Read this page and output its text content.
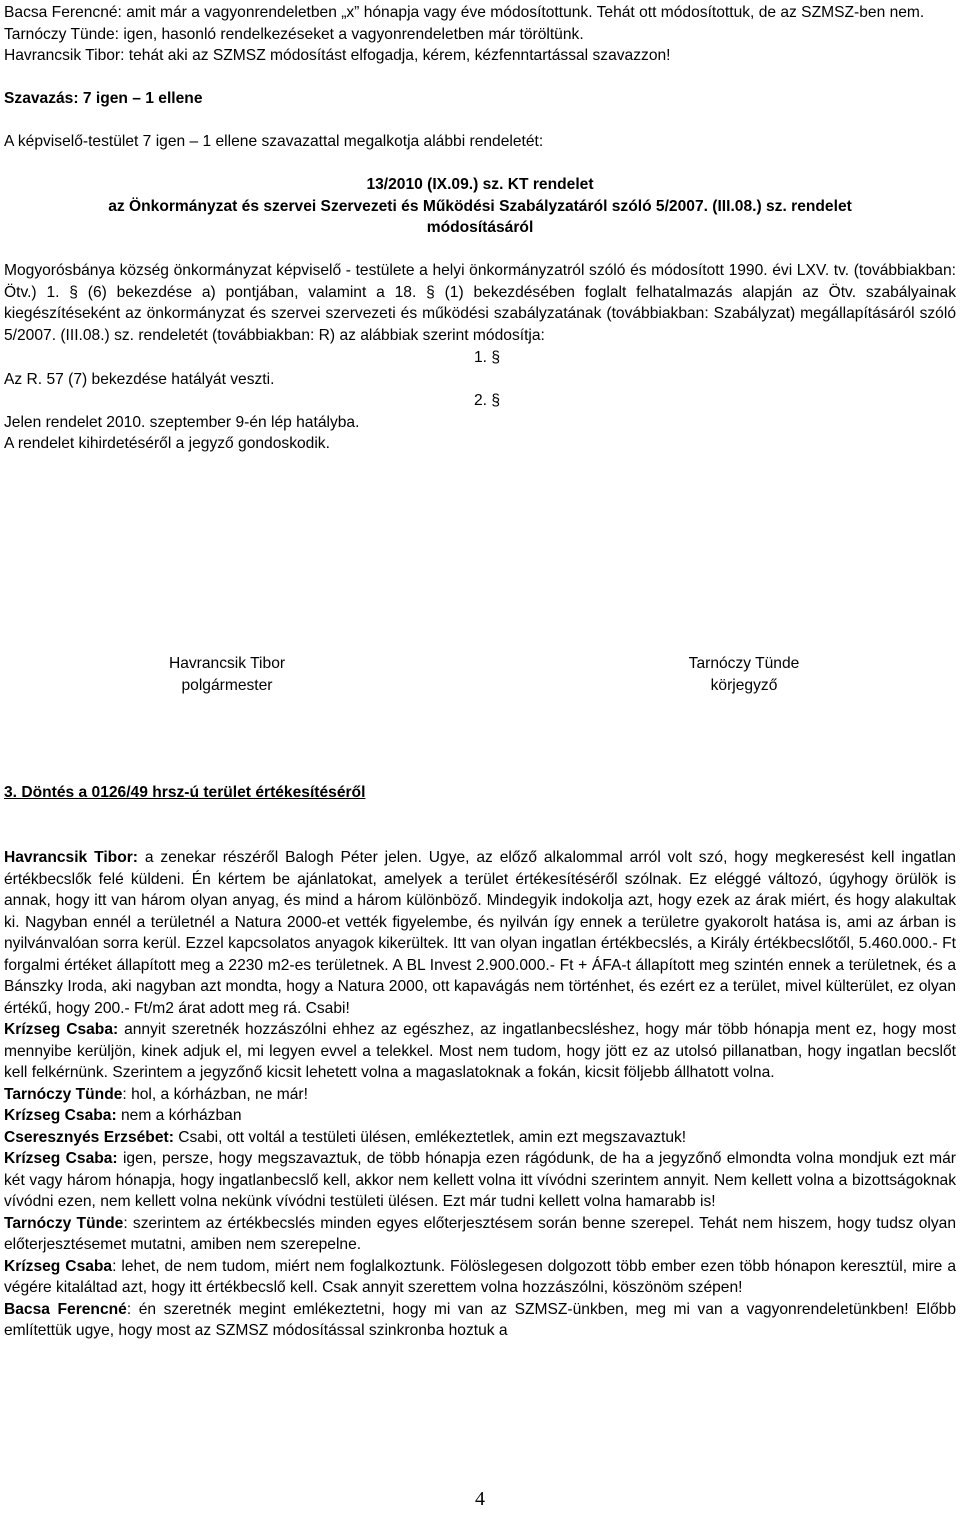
Bacsa Ferencné: amit már a vagyonrendeletben „x” hónapja vagy éve módosítottunk. Tehát ott módosítottuk, de az SZMSZ-ben nem.

Tarnóczy Tünde: igen, hasonló rendelkezéseket a vagyonrendeletben már töröltünk.

Havrancsik Tibor: tehát aki az SZMSZ módosítást elfogadja, kérem, kézfenntartással szavazzon!

Szavazás: 7 igen – 1 ellene

A képviselő-testület 7 igen – 1 ellene szavazattal megalkotja alábbi rendeletét:

13/2010 (IX.09.) sz. KT rendelet

az Önkormányzat és szervei Szervezeti és Működési Szabályzatáról szóló 5/2007. (III.08.) sz. rendelet

módosításáról

Mogyorósbánya község önkormányzat képviselő - testülete a helyi önkormányzatról szóló és módosított 1990. évi LXV. tv. (továbbiakban: Ötv.) 1. § (6) bekezdése a) pontjában, valamint a 18. § (1) bekezdésében foglalt felhatalmazás alapján az Ötv. szabályainak kiegészítéseként az önkormányzat és szervei szervezeti és működési szabályzatának (továbbiakban: Szabályzat) megállapításáról szóló 5/2007. (III.08.) sz. rendeletét (továbbiakban: R) az alábbiak szerint módosítja:

1. §
Az R. 57 (7) bekezdése hatályát veszti.
2. §
Jelen rendelet 2010. szeptember 9-én lép hatályba.
A rendelet kihirdetéséről a jegyző gondoskodik.
Havrancsik Tibor
polgármester
Tarnóczy Tünde
körjegyző

3. Döntés a 0126/49 hrsz-ú terület értékesítéséről

Havrancsik Tibor: a zenekar részéről Balogh Péter jelen. Ugye, az előző alkalommal arról volt szó, hogy megkeresést kell ingatlan értékbecslők felé küldeni. Én kértem be ajánlatokat, amelyek a terület értékesítéséről szólnak. Ez eléggé változó, úgyhogy örülök is annak, hogy itt van három olyan anyag, és mind a három különböző. Mindegyik indokolja azt, hogy ezek az árak miért, és hogy alakultak ki. Nagyban ennél a területnél a Natura 2000-et vették figyelembe, és nyilván így ennek a területre gyakorolt hatása is, ami az árban is nyilvánvalóan sorra kerül. Ezzel kapcsolatos anyagok kikerültek. Itt van olyan ingatlan értékbecslés, a Király értékbecslőtől, 5.460.000.- Ft forgalmi értéket állapított meg a 2230 m2-es területnek. A BL Invest 2.900.000.- Ft + ÁFA-t állapított meg szintén ennek a területnek, és a Bánszky Iroda, aki nagyban azt mondta, hogy a Natura 2000, ott kapavágás nem történhet, és ezért ez a terület, mivel külterület, ez olyan értékű, hogy 200.- Ft/m2 árat adott meg rá. Csabi!

Krízseg Csaba: annyit szeretnék hozzászólni ehhez az egészhez, az ingatlanbecsléshez, hogy már több hónapja ment ez, hogy most mennyibe kerüljön, kinek adjuk el, mi legyen evvel a telekkel. Most nem tudom, hogy jött ez az utolsó pillanatban, hogy ingatlan becslőt kell felkérnünk. Szerintem a jegyzőnő kicsit lehetett volna a magaslatoknak a fokán, kicsit följebb állhatott volna.

Tarnóczy Tünde: hol, a kórházban, ne már!

Krízseg Csaba: nem a kórházban

Cseresznyés Erzsébet: Csabi, ott voltál a testületi ülésen, emlékeztetlek, amin ezt megszavaztuk!

Krízseg Csaba: igen, persze, hogy megszavaztuk, de több hónapja ezen rágódunk, de ha a jegyzőnő elmondta volna mondjuk ezt már két vagy három hónapja, hogy ingatlanbecslő kell, akkor nem kellett volna itt vívódni szerintem annyit. Nem kellett volna a bizottságoknak vívódni ezen, nem kellett volna nekünk vívódni testületi ülésen. Ezt már tudni kellett volna hamarabb is!

Tarnóczy Tünde: szerintem az értékbecslés minden egyes előterjesztésem során benne szerepel. Tehát nem hiszem, hogy tudsz olyan előterjesztésemet mutatni, amiben nem szerepelne.

Krízseg Csaba: lehet, de nem tudom, miért nem foglalkoztunk. Fölöslegesen dolgozott több ember ezen több hónapon keresztül, mire a végére kitaláltad azt, hogy itt értékbecslő kell. Csak annyit szerettem volna hozzászólni, köszönöm szépen!

Bacsa Ferencné: én szeretnék megint emlékeztetni, hogy mi van az SZMSZ-ünkben, meg mi van a vagyonrendeletünkben! Előbb említettük ugye, hogy most az SZMSZ módosítással szinkronba hoztuk a

4
